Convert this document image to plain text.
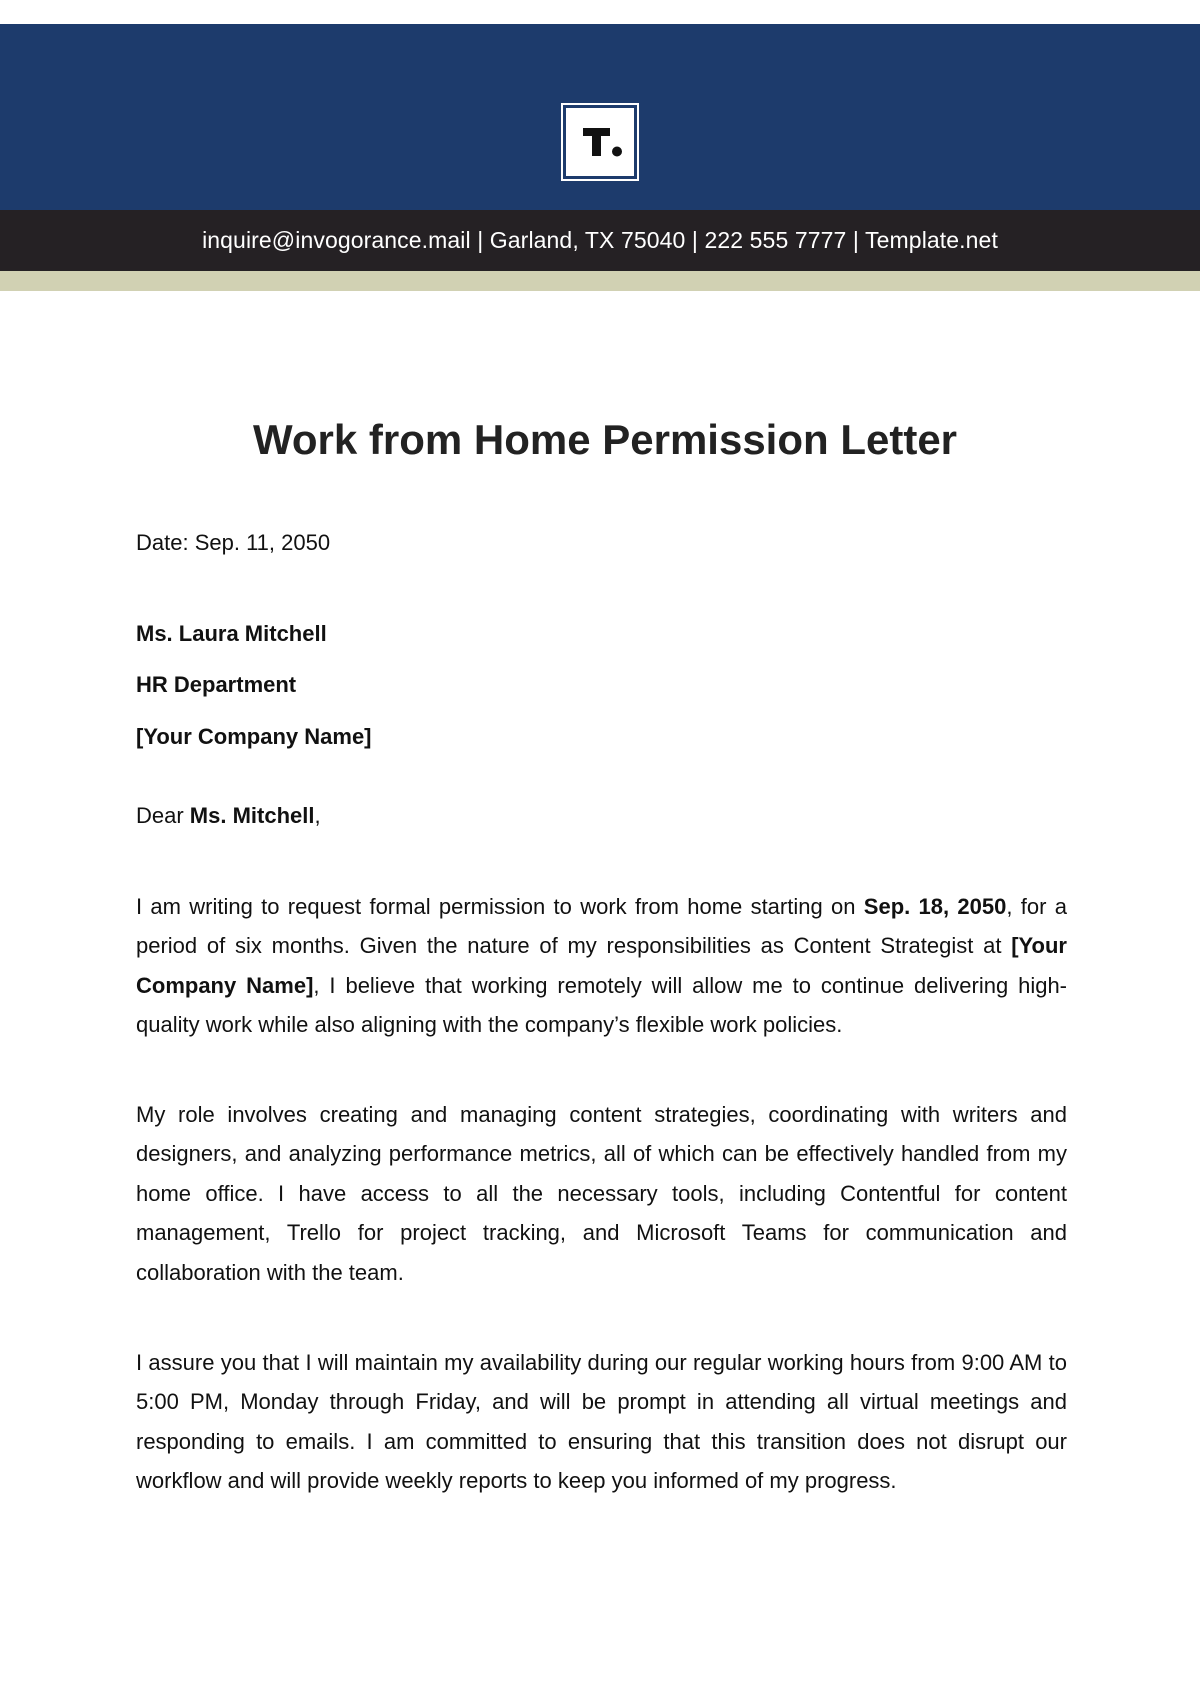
inquire@invogorance.mail | Garland, TX 75040 | 222 555 7777 | Template.net
Work from Home Permission Letter
Date: Sep. 11, 2050
Ms. Laura Mitchell
HR Department
[Your Company Name]
Dear Ms. Mitchell,

I am writing to request formal permission to work from home starting on Sep. 18, 2050, for a period of six months. Given the nature of my responsibilities as Content Strategist at [Your Company Name], I believe that working remotely will allow me to continue delivering high-quality work while also aligning with the company’s flexible work policies.

My role involves creating and managing content strategies, coordinating with writers and designers, and analyzing performance metrics, all of which can be effectively handled from my home office. I have access to all the necessary tools, including Contentful for content management, Trello for project tracking, and Microsoft Teams for communication and collaboration with the team.

I assure you that I will maintain my availability during our regular working hours from 9:00 AM to 5:00 PM, Monday through Friday, and will be prompt in attending all virtual meetings and responding to emails. I am committed to ensuring that this transition does not disrupt our workflow and will provide weekly reports to keep you informed of my progress.
